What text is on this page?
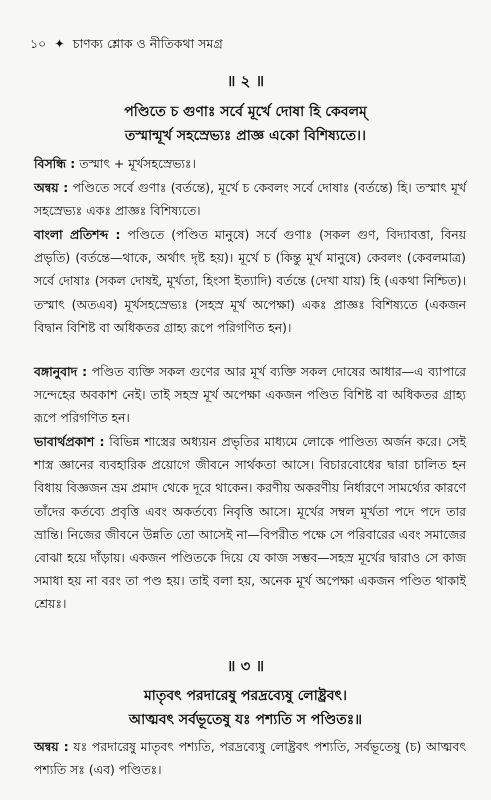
১০ ✦ চাণক্য শ্লোক ও নীতিকথা সমগ্র
॥ ২ ॥
পণ্ডিতে চ গুণাঃ সর্বে মূর্খে দোষা হি কেবলম্‌
তস্মান্মূর্খ সহস্রেভ্যঃ প্রাজ্ঞ একো বিশিষ্যতে।।

বিসন্ধি : তস্মাৎ + মূর্খসহস্রেভ্যঃ।

অন্বয় : পণ্ডিতে সর্বে গুণাঃ (বর্তন্তে), মূর্খে চ কেবলং সর্বে দোষাঃ (বর্তন্তে) হি। তস্মাৎ মূর্খ সহস্রেভ্যঃ একঃ প্রাজ্ঞঃ বিশিষ্যতে।

বাংলা প্রতিশব্দ : পণ্ডিতে (পণ্ডিত মানুষে) সর্বে গুণাঃ (সকল গুণ, বিদ্যাবত্তা, বিনয় প্রভৃতি) (বর্তন্তে—থাকে, অর্থাৎ দৃষ্ট হয়)। মূর্খে চ (কিন্তু মূর্খ মানুষে) কেবলং (কেবলমাত্র) সর্বে দোষাঃ (সকল দোষই, মূর্খতা, হিংসা ইত্যাদি) বর্তন্তে (দেখা যায়) হি (একথা নিশ্চিত)। তস্মাৎ (অতএব) মূর্খসহস্রেভ্যঃ (সহস্র মূর্খ অপেক্ষা) একঃ প্রাজ্ঞঃ বিশিষ্যতে (একজন বিদ্বান বিশিষ্ট বা অধিকতর গ্রাহ্য রূপে পরিগণিত হন)।

বঙ্গানুবাদ : পণ্ডিত ব্যক্তি সকল গুণের আর মূর্খ ব্যক্তি সকল দোষের আধার—এ ব্যাপারে সন্দেহের অবকাশ নেই। তাই সহস্র মূর্খ অপেক্ষা একজন পণ্ডিত বিশিষ্ট বা অধিকতর গ্রাহ্য রূপে পরিগণিত হন।

ভাবার্থপ্রকাশ : বিভিন্ন শাস্ত্রের অধ্যয়ন প্রভৃতির মাধ্যমে লোকে পাণ্ডিত্য অর্জন করে। সেই শাস্ত্র জ্ঞানের ব্যবহারিক প্রয়োগে জীবনে সার্থকতা আসে। বিচারবোধের দ্বারা চালিত হন বিধায় বিজ্ঞজন ভ্রম প্রমাদ থেকে দূরে থাকেন। করণীয় অকরণীয় নির্ধারণে সামর্থ্যের কারণে তাঁদের কর্তব্যে প্রবৃত্তি এবং অকর্তব্যে নিবৃত্তি আসে। মূর্খের সম্বল মূর্খতা পদে পদে তার ভ্রান্তি। নিজের জীবনে উন্নতি তো আসেই না—বিপরীত পক্ষে সে পরিবারের এবং সমাজের বোঝা হয়ে দাঁড়ায়। একজন পণ্ডিতকে দিয়ে যে কাজ সম্ভব—সহস্র মূর্খের দ্বারাও সে কাজ সমাধা হয় না বরং তা পণ্ড হয়। তাই বলা হয়, অনেক মূর্খ অপেক্ষা একজন পণ্ডিত থাকাই শ্রেয়ঃ।

॥ ৩ ॥
মাতৃবৎ পরদারেষু পরদ্রব্যেষু লোষ্ট্রবৎ।
আত্মবৎ সর্বভূতেষু যঃ পশ্যতি স পণ্ডিতঃ॥

অন্বয় : যঃ পরদারেষু মাতৃবৎ পশ্যতি, পরদ্রব্যেষু লোষ্ট্রবৎ পশ্যতি, সর্বভূতেষু (চ) আত্মবৎ পশ্যতি সঃ (এব) পণ্ডিতঃ।
